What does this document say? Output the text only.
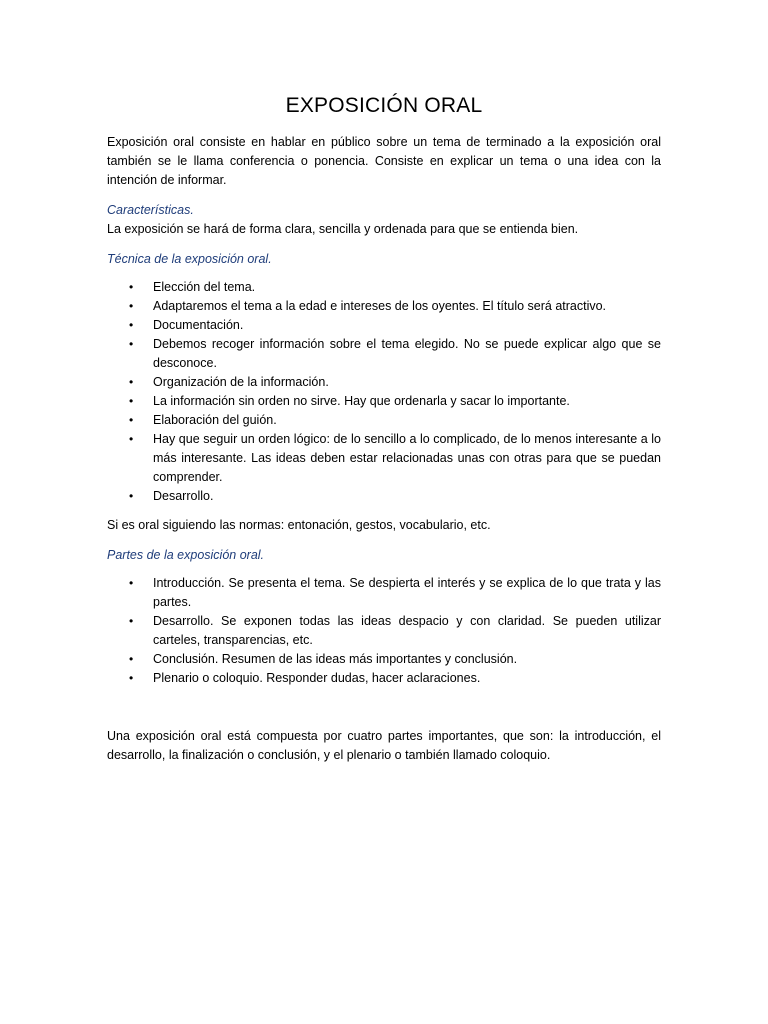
EXPOSICIÓN ORAL

Exposición oral consiste en hablar en público sobre un tema de terminado a la exposición oral también se le llama conferencia o ponencia. Consiste en explicar un tema o una idea con la intención de informar.

Características.

La exposición se hará de forma clara, sencilla y ordenada para que se entienda bien.

Técnica de la exposición oral.

• Elección del tema.
• Adaptaremos el tema a la edad e intereses de los oyentes. El título será atractivo.
• Documentación.
• Debemos recoger información sobre el tema elegido. No se puede explicar algo que se desconoce.
• Organización de la información.
• La información sin orden no sirve. Hay que ordenarla y sacar lo importante.
• Elaboración del guión.
• Hay que seguir un orden lógico: de lo sencillo a lo complicado, de lo menos interesante a lo más interesante. Las ideas deben estar relacionadas unas con otras para que se puedan comprender.
• Desarrollo.

Si es oral siguiendo las normas: entonación, gestos, vocabulario, etc.

Partes de la exposición oral.

• Introducción. Se presenta el tema. Se despierta el interés y se explica de lo que trata y las partes.
• Desarrollo. Se exponen todas las ideas despacio y con claridad. Se pueden utilizar carteles, transparencias, etc.
• Conclusión. Resumen de las ideas más importantes y conclusión.
• Plenario o coloquio. Responder dudas, hacer aclaraciones.

Una exposición oral está compuesta por cuatro partes importantes, que son: la introducción, el desarrollo, la finalización o conclusión, y el plenario o también llamado coloquio.
